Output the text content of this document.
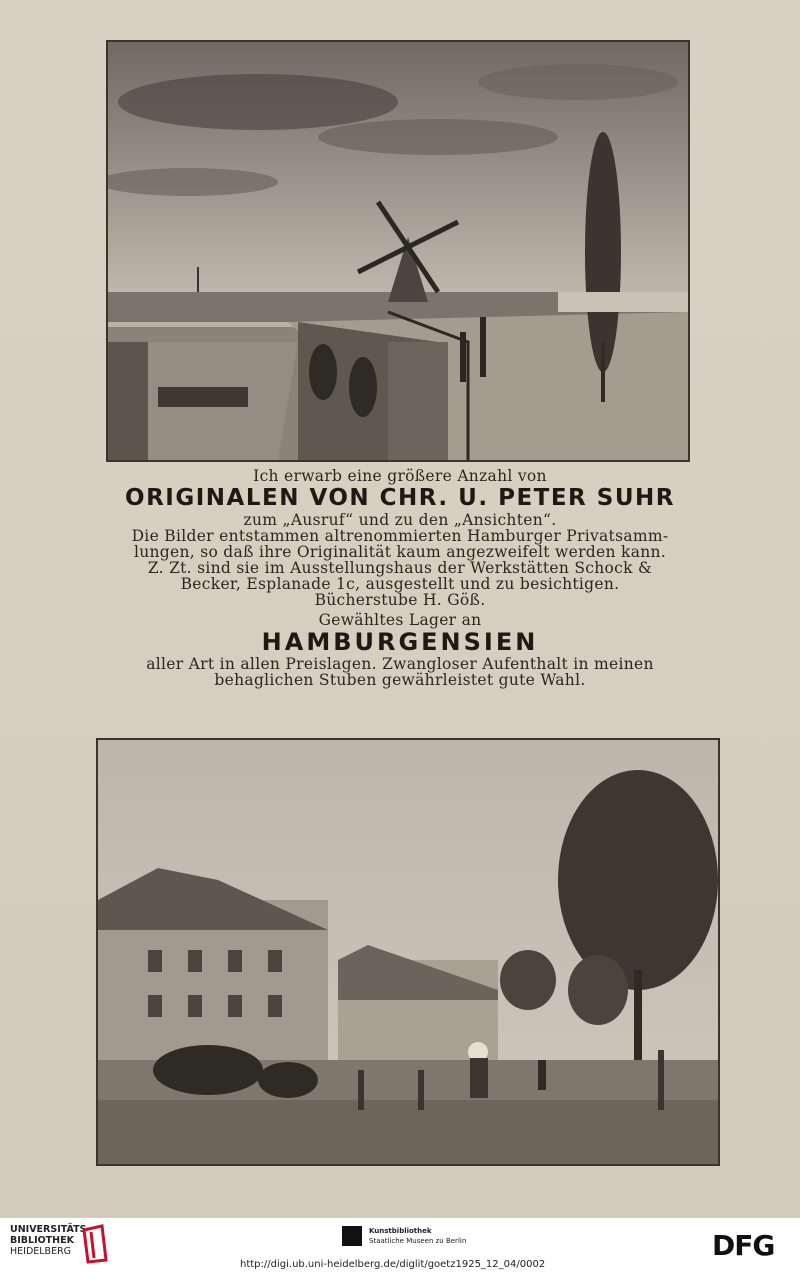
Ich erwarb eine größere Anzahl von
ORIGINALEN VON CHR. U. PETER SUHR
zum „Ausruf“ und zu den „Ansichten“.
Die Bilder entstammen altrenommierten Hamburger Privatsamm-
lungen, so daß ihre Originalität kaum angezweifelt werden kann.
Z. Zt. sind sie im Ausstellungshaus der Werkstätten Schock &
Becker, Esplanade 1c, ausgestellt und zu besichtigen.
Bücherstube H. Göß.
Gewähltes Lager an
HAMBURGENSIEN
aller Art in allen Preislagen. Zwangloser Aufenthalt in meinen
behaglichen Stuben gewährleistet gute Wahl.
UNIVERSITÄTS-
BIBLIOTHEK
HEIDELBERG
Kunstbibliothek
Staatliche Museen zu Berlin	DFG
http://digi.ub.uni-heidelberg.de/diglit/goetz1925_12_04/0002
